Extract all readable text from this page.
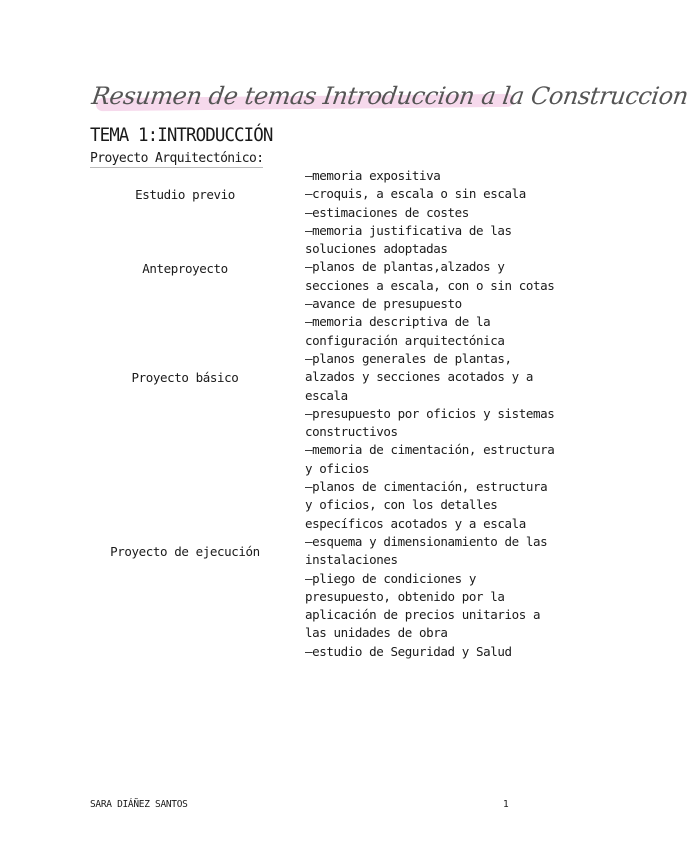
Resumen de temas Introduccion a la Construccion
TEMA 1:INTRODUCCIÓN
Proyecto Arquitectónico:
Estudio previo
Anteproyecto
Proyecto básico
Proyecto de ejecución

–memoria expositiva

–croquis, a escala o sin escala

–estimaciones de costes

–memoria justificativa de las soluciones adoptadas

–planos de plantas,alzados y secciones a escala, con o sin cotas

–avance de presupuesto

–memoria descriptiva de la configuración arquitectónica

–planos generales de plantas, alzados y secciones acotados y a escala

–presupuesto por oficios y sistemas constructivos

–memoria de cimentación, estructura y oficios

–planos de cimentación, estructura y oficios, con los detalles específicos acotados y a escala

–esquema y dimensionamiento de las instalaciones

–pliego de condiciones y presupuesto, obtenido por la aplicación de precios unitarios a las unidades de obra

–estudio de Seguridad y Salud

SARA DIÁÑEZ SANTOS	1
